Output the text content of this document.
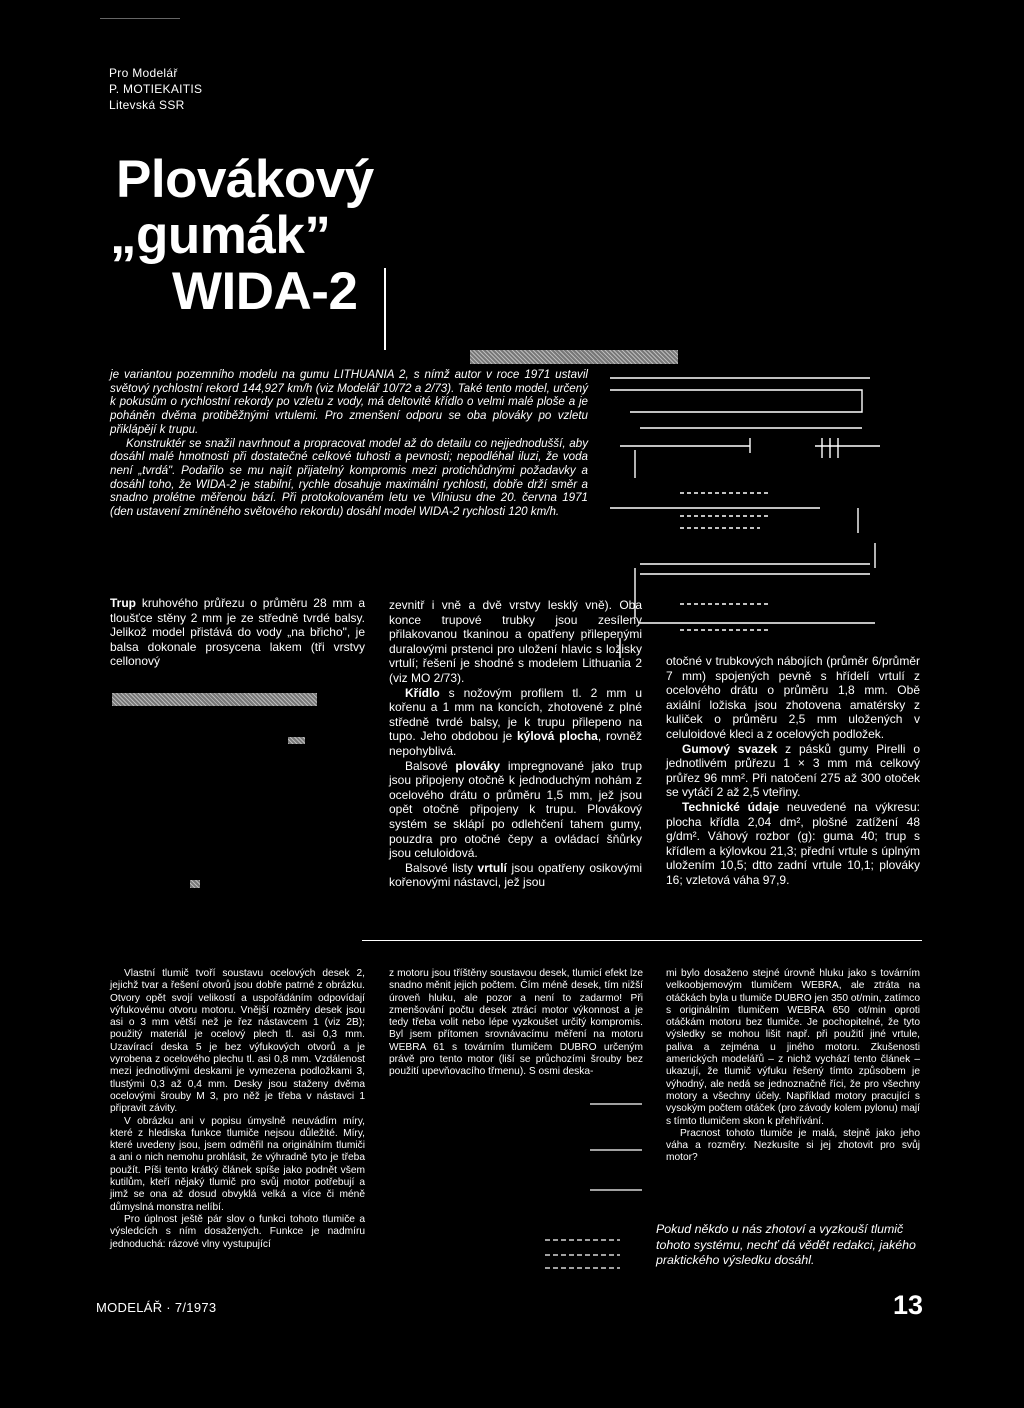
Pro Modelář
P. MOTIEKAITIS
Litevská SSR
Plovákový
„gumák”
WIDA-2

je variantou pozemního modelu na gumu LITHUANIA 2, s nímž autor v roce 1971 ustavil světový rychlostní rekord 144,927 km/h (viz Modelář 10/72 a 2/73). Také tento model, určený k pokusům o rychlostní rekordy po vzletu z vody, má deltovité křídlo o velmi malé ploše a je poháněn dvěma protiběžnými vrtulemi. Pro zmenšení odporu se oba plováky po vzletu přiklápějí k trupu.

Konstruktér se snažil navrhnout a propracovat model až do detailu co nejjednodušší, aby dosáhl malé hmotnosti při dostatečné celkové tuhosti a pevnosti; nepodléhal iluzi, že voda není „tvrdá". Podařilo se mu najít přijatelný kompromis mezi protichůdnými požadavky a dosáhl toho, že WIDA-2 je stabilní, rychle dosahuje maximální rychlosti, dobře drží směr a snadno prolétne měřenou bází. Při protokolovaném letu ve Vilniusu dne 20. června 1971 (den ustavení zmíněného světového rekordu) dosáhl model WIDA-2 rychlosti 120 km/h.

Trup kruhového průřezu o průměru 28 mm a tloušťce stěny 2 mm je ze středně tvrdé balsy. Jelikož model přistává do vody „na břicho", je balsa dokonale prosycena lakem (tři vrstvy cellonový

zevnitř i vně a dvě vrstvy lesklý vně). Oba konce trupové trubky jsou zesíleny přilakovanou tkaninou a opatřeny přilepenými duralovými prstenci pro uložení hlavic s ložisky vrtulí; řešení je shodné s modelem Lithuania 2 (viz MO 2/73).

Křídlo s nožovým profilem tl. 2 mm u kořenu a 1 mm na koncích, zhotovené z plné středně tvrdé balsy, je k trupu přilepeno na tupo. Jeho obdobou je kýlová plocha, rovněž nepohyblivá.

Balsové plováky impregnované jako trup jsou připojeny otočně k jednoduchým nohám z ocelového drátu o průměru 1,5 mm, jež jsou opět otočně připojeny k trupu. Plovákový systém se sklápí po odlehčení tahem gumy, pouzdra pro otočné čepy a ovládací šňůrky jsou celuloidová.

Balsové listy vrtulí jsou opatřeny osikovými kořenovými nástavci, jež jsou

otočné v trubkových nábojích (průměr 6/průměr 7 mm) spojených pevně s hřídelí vrtulí z ocelového drátu o průměru 1,8 mm. Obě axiální ložiska jsou zhotovena amatérsky z kuliček o průměru 2,5 mm uložených v celuloidové kleci a z ocelových podložek.

Gumový svazek z pásků gumy Pirelli o jednotlivém průřezu 1 × 3 mm má celkový průřez 96 mm². Při natočení 275 až 300 otoček se vytáčí 2 až 2,5 vteřiny.

Technické údaje neuvedené na výkresu: plocha křídla 2,04 dm², plošné zatížení 48 g/dm². Váhový rozbor (g): guma 40; trup s křídlem a kýlovkou 21,3; přední vrtule s úplným uložením 10,5; dtto zadní vrtule 10,1; plováky 16; vzletová váha 97,9.

Vlastní tlumič tvoří soustavu ocelových desek 2, jejichž tvar a řešení otvorů jsou dobře patrné z obrázku. Otvory opět svojí velikostí a uspořádáním odpovídají výfukovému otvoru motoru. Vnější rozměry desek jsou asi o 3 mm větší než je řez nástavcem 1 (viz 2B); použitý materiál je ocelový plech tl. asi 0,3 mm. Uzavírací deska 5 je bez výfukových otvorů a je vyrobena z ocelového plechu tl. asi 0,8 mm. Vzdálenost mezi jednotlivými deskami je vymezena podložkami 3, tlustými 0,3 až 0,4 mm. Desky jsou staženy dvěma ocelovými šrouby M 3, pro něž je třeba v nástavci 1 připravit závity.

V obrázku ani v popisu úmyslně neuvádím míry, které z hlediska funkce tlumiče nejsou důležité. Míry, které uvedeny jsou, jsem odměřil na originálním tlumiči a ani o nich nemohu prohlásit, že výhradně tyto je třeba použít. Píši tento krátký článek spíše jako podnět všem kutilům, kteří nějaký tlumič pro svůj motor potřebují a jimž se ona až dosud obvyklá velká a více či méně důmyslná monstra nelíbí.

Pro úplnost ještě pár slov o funkci tohoto tlumiče a výsledcích s ním dosažených. Funkce je nadmíru jednoduchá: rázové vlny vystupující

z motoru jsou tříštěny soustavou desek, tlumicí efekt lze snadno měnit jejich počtem. Čím méně desek, tím nižší úroveň hluku, ale pozor a není to zadarmo! Při zmenšování počtu desek ztrácí motor výkonnost a je tedy třeba volit nebo lépe vyzkoušet určitý kompromis. Byl jsem přítomen srovnávacímu měření na motoru WEBRA 61 s továrním tlumičem DUBRO určeným právě pro tento motor (liší se průchozími šrouby bez použití upevňovacího třmenu). S osmi deska-

mi bylo dosaženo stejné úrovně hluku jako s továrním velkoobjemovým tlumičem WEBRA, ale ztráta na otáčkách byla u tlumiče DUBRO jen 350 ot/min, zatímco s originálním tlumičem WEBRA 650 ot/min oproti otáčkám motoru bez tlumiče. Je pochopitelné, že tyto výsledky se mohou lišit např. při použití jiné vrtule, paliva a zejména u jiného motoru. Zkušenosti amerických modelářů – z nichž vychází tento článek – ukazují, že tlumič výfuku řešený tímto způsobem je výhodný, ale nedá se jednoznačně říci, že pro všechny motory a všechny účely. Například motory pracující s vysokým počtem otáček (pro závody kolem pylonu) mají s tímto tlumičem skon k přehřívání.

Pracnost tohoto tlumiče je malá, stejně jako jeho váha a rozměry. Nezkusíte si jej zhotovit pro svůj motor?

Pokud někdo u nás zhotoví a vyzkouší tlumič tohoto systému, nechť dá vědět redakci, jakého praktického výsledku dosáhl.
MODELÁŘ · 7/1973	13
